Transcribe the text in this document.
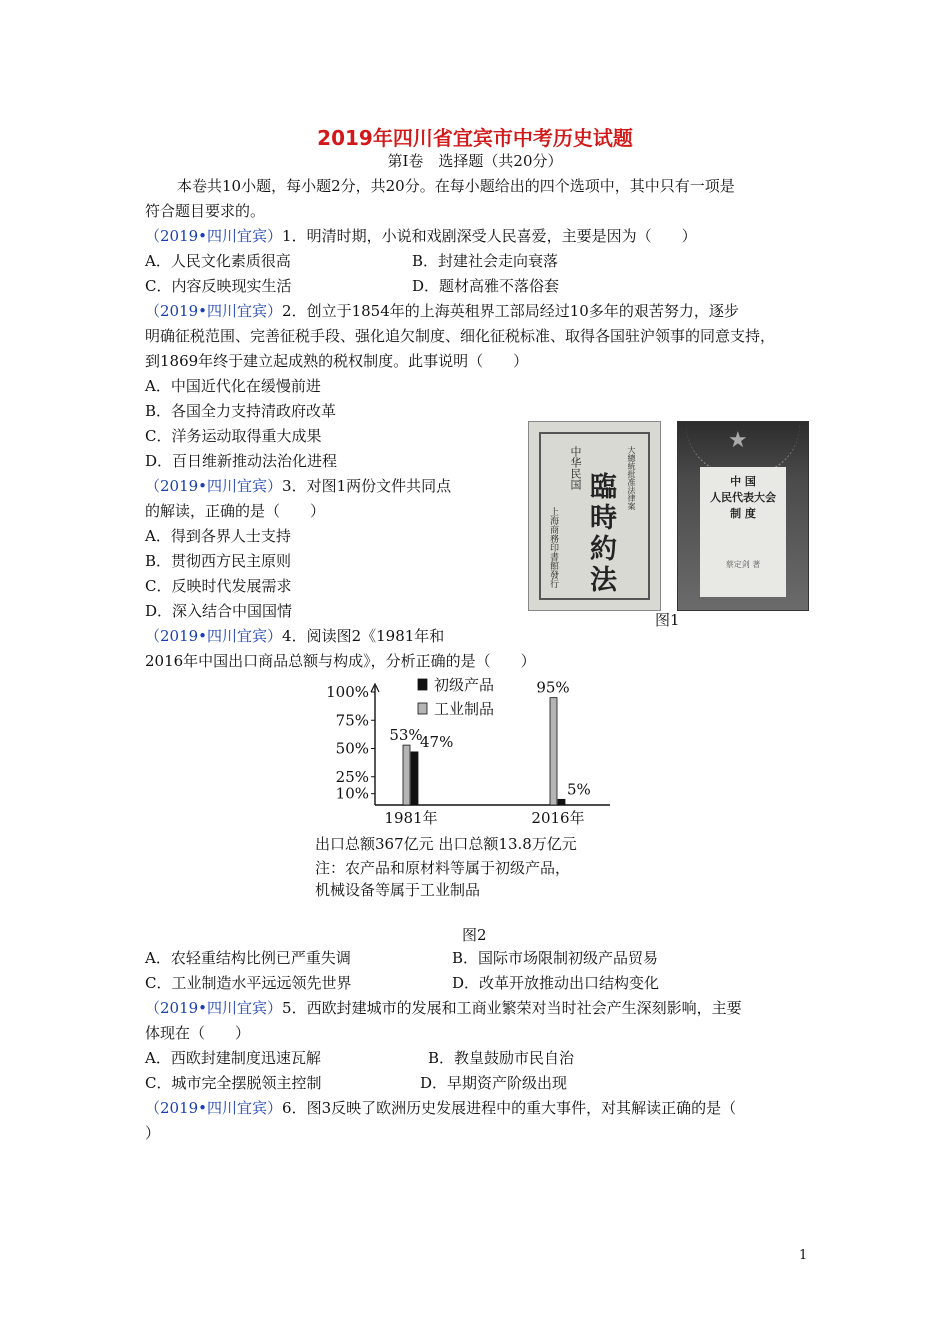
2019年四川省宜宾市中考历史试题
第Ⅰ卷　选择题（共20分）
本卷共10小题，每小题2分，共20分。在每小题给出的四个选项中，其中只有一项是
符合题目要求的。
（2019•四川宜宾）1．明清时期，小说和戏剧深受人民喜爱，主要是因为（　　）
A．人民文化素质很高	B．封建社会走向衰落
C．内容反映现实生活	D．题材高雅不落俗套
（2019•四川宜宾）2．创立于1854年的上海英租界工部局经过10多年的艰苦努力，逐步
明确征税范围、完善征税手段、强化追欠制度、细化征税标准、取得各国驻沪领事的同意支持，
到1869年终于建立起成熟的税权制度。此事说明（　　）
A．中国近代化在缓慢前进
B．各国全力支持清政府改革
C．洋务运动取得重大成果
D．百日维新推动法治化进程
（2019•四川宜宾）3．对图1两份文件共同点
的解读，正确的是（　　）
A．得到各界人士支持
B．贯彻西方民主原则
C．反映时代发展需求
D．深入结合中国国情
中华民国
臨時約法
上海商務印書館發行
大總統批准法律案
★
中 国
人民代表大会
制 度
蔡定剑 著
图1
（2019•四川宜宾）4．阅读图2《1981年和
2016年中国出口商品总额与构成》，分析正确的是（　　）
100%
75%
50%
25%
10%
工业制品
初级产品
53%
47%
1981年
95%
5%
2016年
出口总额367亿元 出口总额13.8万亿元
注：农产品和原材料等属于初级产品，
机械设备等属于工业制品
图2
A．农轻重结构比例已严重失调	B．国际市场限制初级产品贸易
C．工业制造水平远远领先世界	D．改革开放推动出口结构变化
（2019•四川宜宾）5．西欧封建城市的发展和工商业繁荣对当时社会产生深刻影响，主要
体现在（　　）
A．西欧封建制度迅速瓦解	B．教皇鼓励市民自治
C．城市完全摆脱领主控制	D．早期资产阶级出现
（2019•四川宜宾）6．图3反映了欧洲历史发展进程中的重大事件，对其解读正确的是（
）
1
